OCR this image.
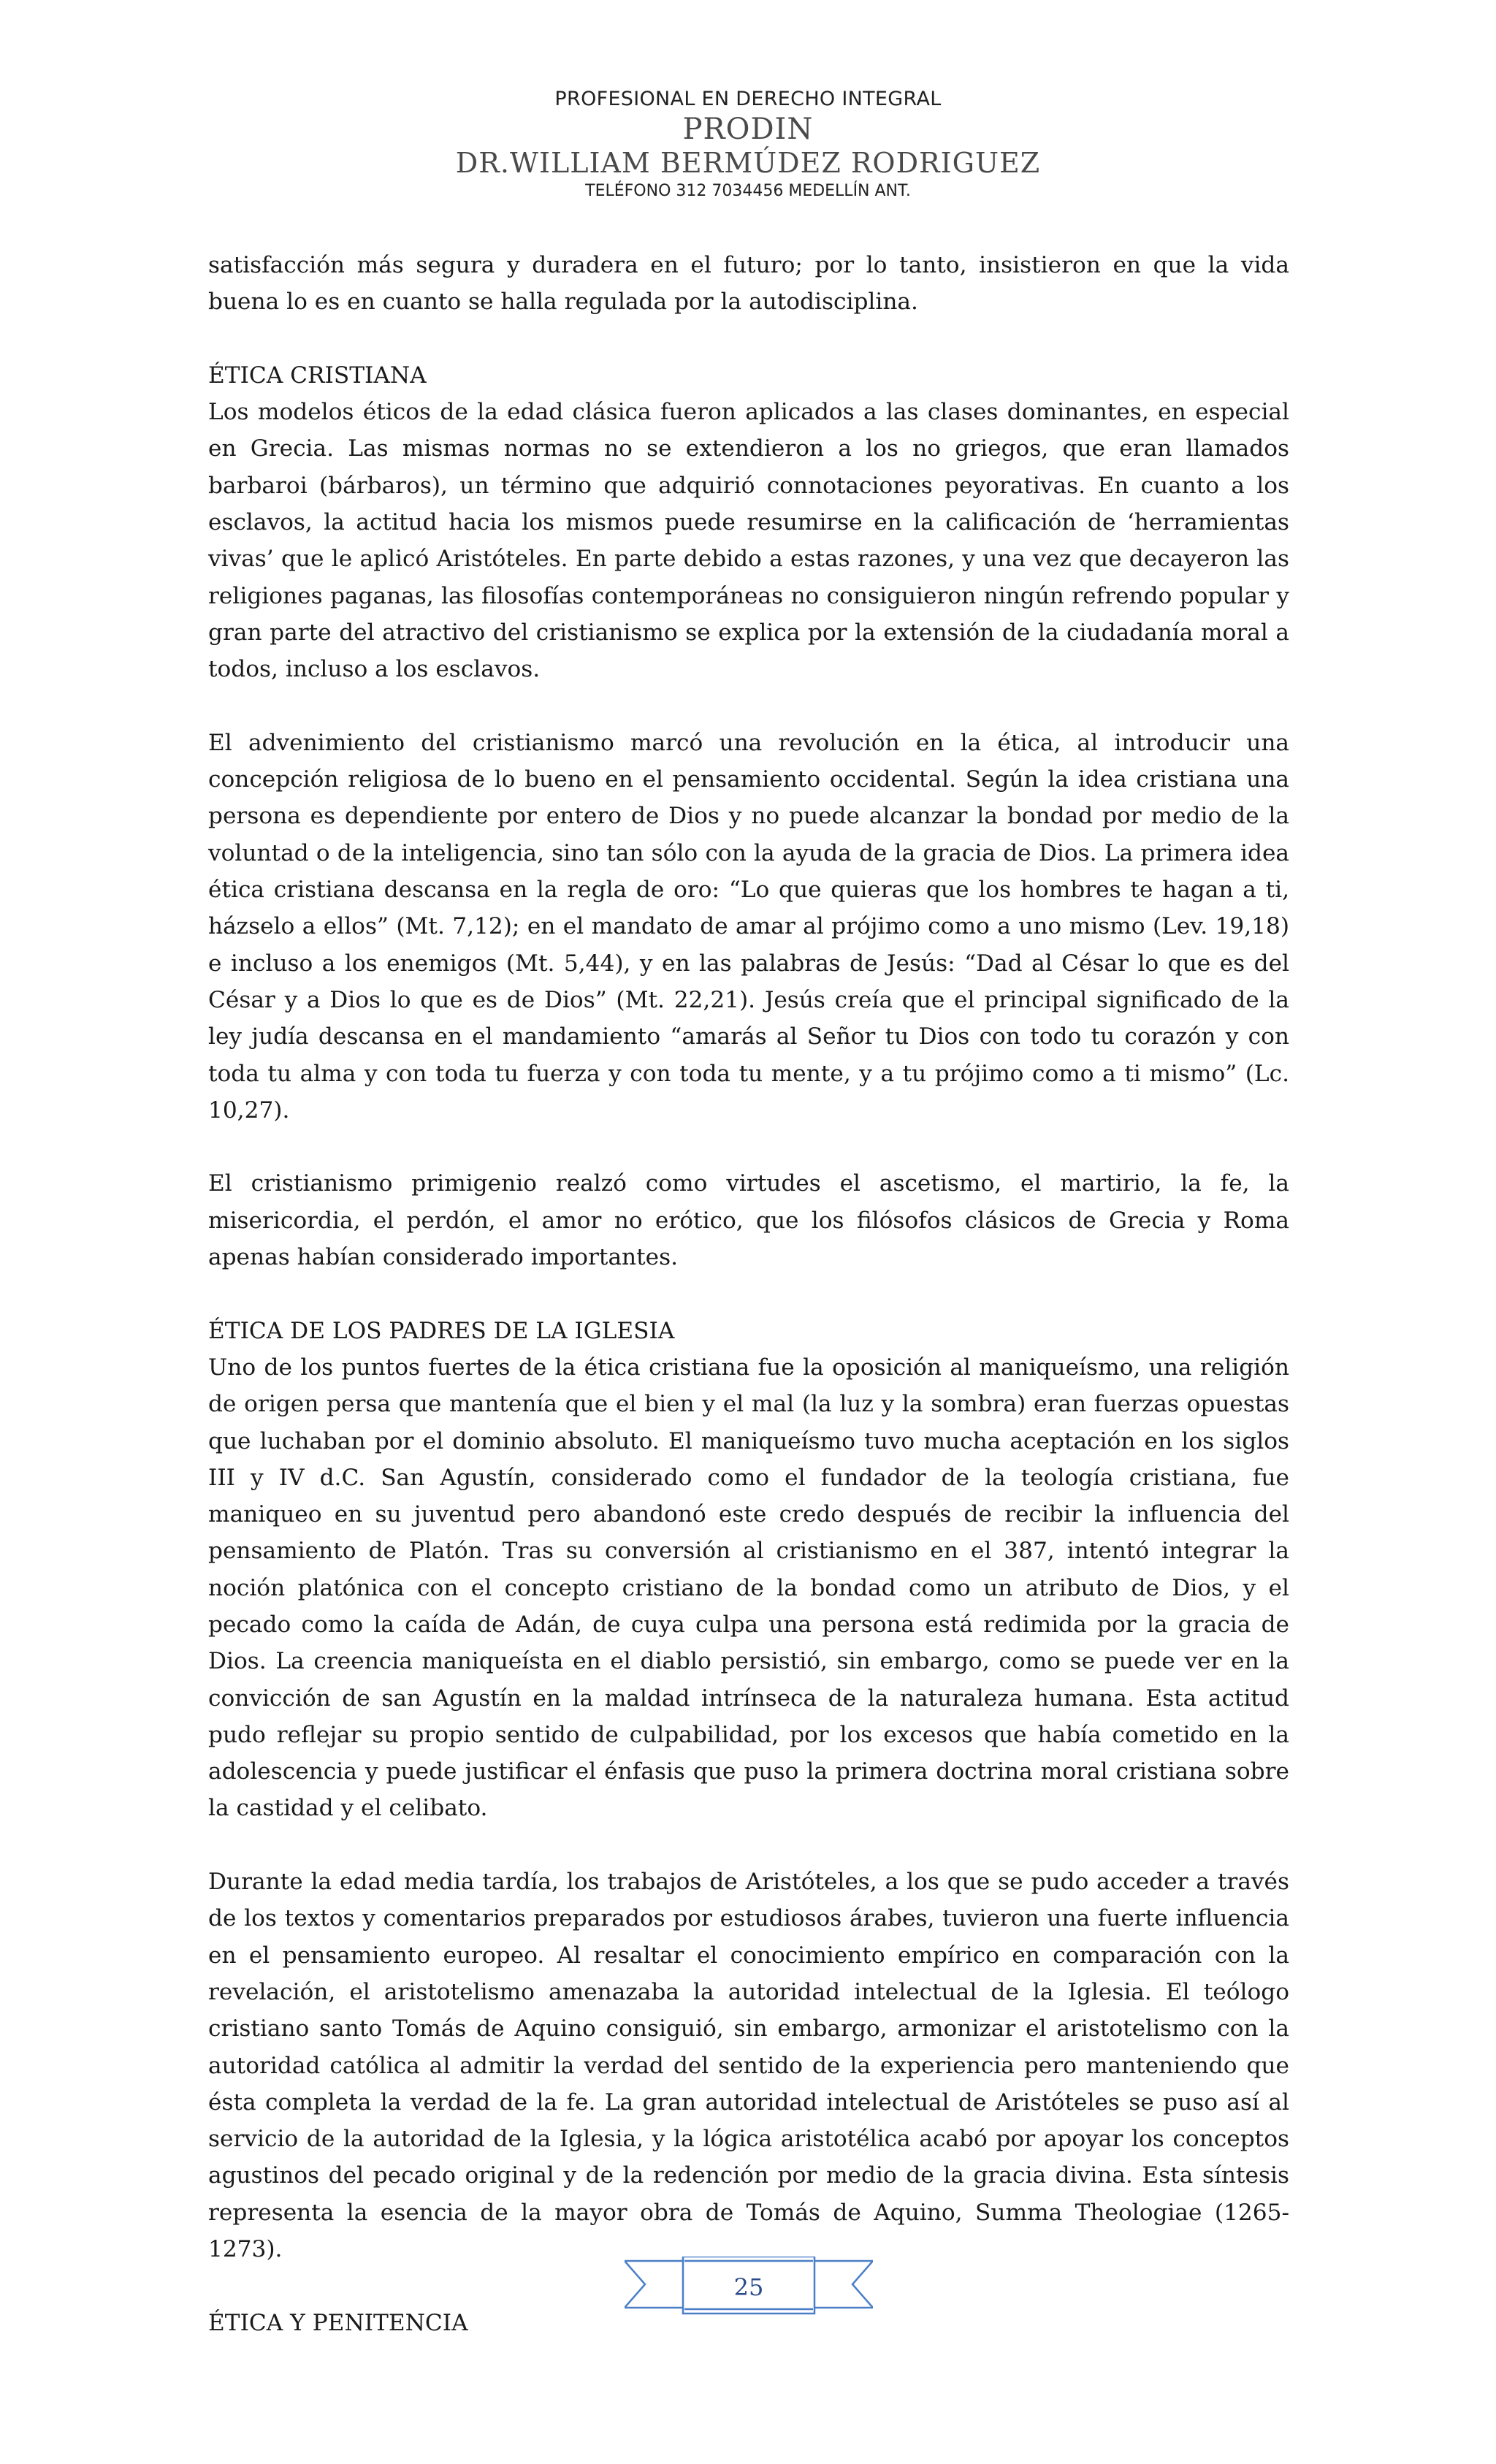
PROFESIONAL EN DERECHO INTEGRAL
PRODIN
DR.WILLIAM BERMÚDEZ RODRIGUEZ
TELÉFONO 312 7034456 MEDELLÍN ANT.

satisfacción más segura y duradera en el futuro; por lo tanto, insistieron en que la vida buena lo es en cuanto se halla regulada por la autodisciplina.

ÉTICA CRISTIANA

Los modelos éticos de la edad clásica fueron aplicados a las clases dominantes, en especial en Grecia. Las mismas normas no se extendieron a los no griegos, que eran llamados barbaroi (bárbaros), un término que adquirió connotaciones peyorativas. En cuanto a los esclavos, la actitud hacia los mismos puede resumirse en la calificación de ‘herramientas vivas’ que le aplicó Aristóteles. En parte debido a estas razones, y una vez que decayeron las religiones paganas, las filosofías contemporáneas no consiguieron ningún refrendo popular y gran parte del atractivo del cristianismo se explica por la extensión de la ciudadanía moral a todos, incluso a los esclavos.

El advenimiento del cristianismo marcó una revolución en la ética, al introducir una concepción religiosa de lo bueno en el pensamiento occidental. Según la idea cristiana una persona es dependiente por entero de Dios y no puede alcanzar la bondad por medio de la voluntad o de la inteligencia, sino tan sólo con la ayuda de la gracia de Dios. La primera idea ética cristiana descansa en la regla de oro: “Lo que quieras que los hombres te hagan a ti, házselo a ellos” (Mt. 7,12); en el mandato de amar al prójimo como a uno mismo (Lev. 19,18) e incluso a los enemigos (Mt. 5,44), y en las palabras de Jesús: “Dad al César lo que es del César y a Dios lo que es de Dios” (Mt. 22,21). Jesús creía que el principal significado de la ley judía descansa en el mandamiento “amarás al Señor tu Dios con todo tu corazón y con toda tu alma y con toda tu fuerza y con toda tu mente, y a tu prójimo como a ti mismo” (Lc. 10,27).

El cristianismo primigenio realzó como virtudes el ascetismo, el martirio, la fe, la misericordia, el perdón, el amor no erótico, que los filósofos clásicos de Grecia y Roma apenas habían considerado importantes.

ÉTICA DE LOS PADRES DE LA IGLESIA

Uno de los puntos fuertes de la ética cristiana fue la oposición al maniqueísmo, una religión de origen persa que mantenía que el bien y el mal (la luz y la sombra) eran fuerzas opuestas que luchaban por el dominio absoluto. El maniqueísmo tuvo mucha aceptación en los siglos III y IV d.C. San Agustín, considerado como el fundador de la teología cristiana, fue maniqueo en su juventud pero abandonó este credo después de recibir la influencia del pensamiento de Platón. Tras su conversión al cristianismo en el 387, intentó integrar la noción platónica con el concepto cristiano de la bondad como un atributo de Dios, y el pecado como la caída de Adán, de cuya culpa una persona está redimida por la gracia de Dios. La creencia maniqueísta en el diablo persistió, sin embargo, como se puede ver en la convicción de san Agustín en la maldad intrínseca de la naturaleza humana. Esta actitud pudo reflejar su propio sentido de culpabilidad, por los excesos que había cometido en la adolescencia y puede justificar el énfasis que puso la primera doctrina moral cristiana sobre la castidad y el celibato.

Durante la edad media tardía, los trabajos de Aristóteles, a los que se pudo acceder a través de los textos y comentarios preparados por estudiosos árabes, tuvieron una fuerte influencia en el pensamiento europeo. Al resaltar el conocimiento empírico en comparación con la revelación, el aristotelismo amenazaba la autoridad intelectual de la Iglesia. El teólogo cristiano santo Tomás de Aquino consiguió, sin embargo, armonizar el aristotelismo con la autoridad católica al admitir la verdad del sentido de la experiencia pero manteniendo que ésta completa la verdad de la fe. La gran autoridad intelectual de Aristóteles se puso así al servicio de la autoridad de la Iglesia, y la lógica aristotélica acabó por apoyar los conceptos agustinos del pecado original y de la redención por medio de la gracia divina. Esta síntesis representa la esencia de la mayor obra de Tomás de Aquino, Summa Theologiae (1265-1273).

ÉTICA Y PENITENCIA

25
